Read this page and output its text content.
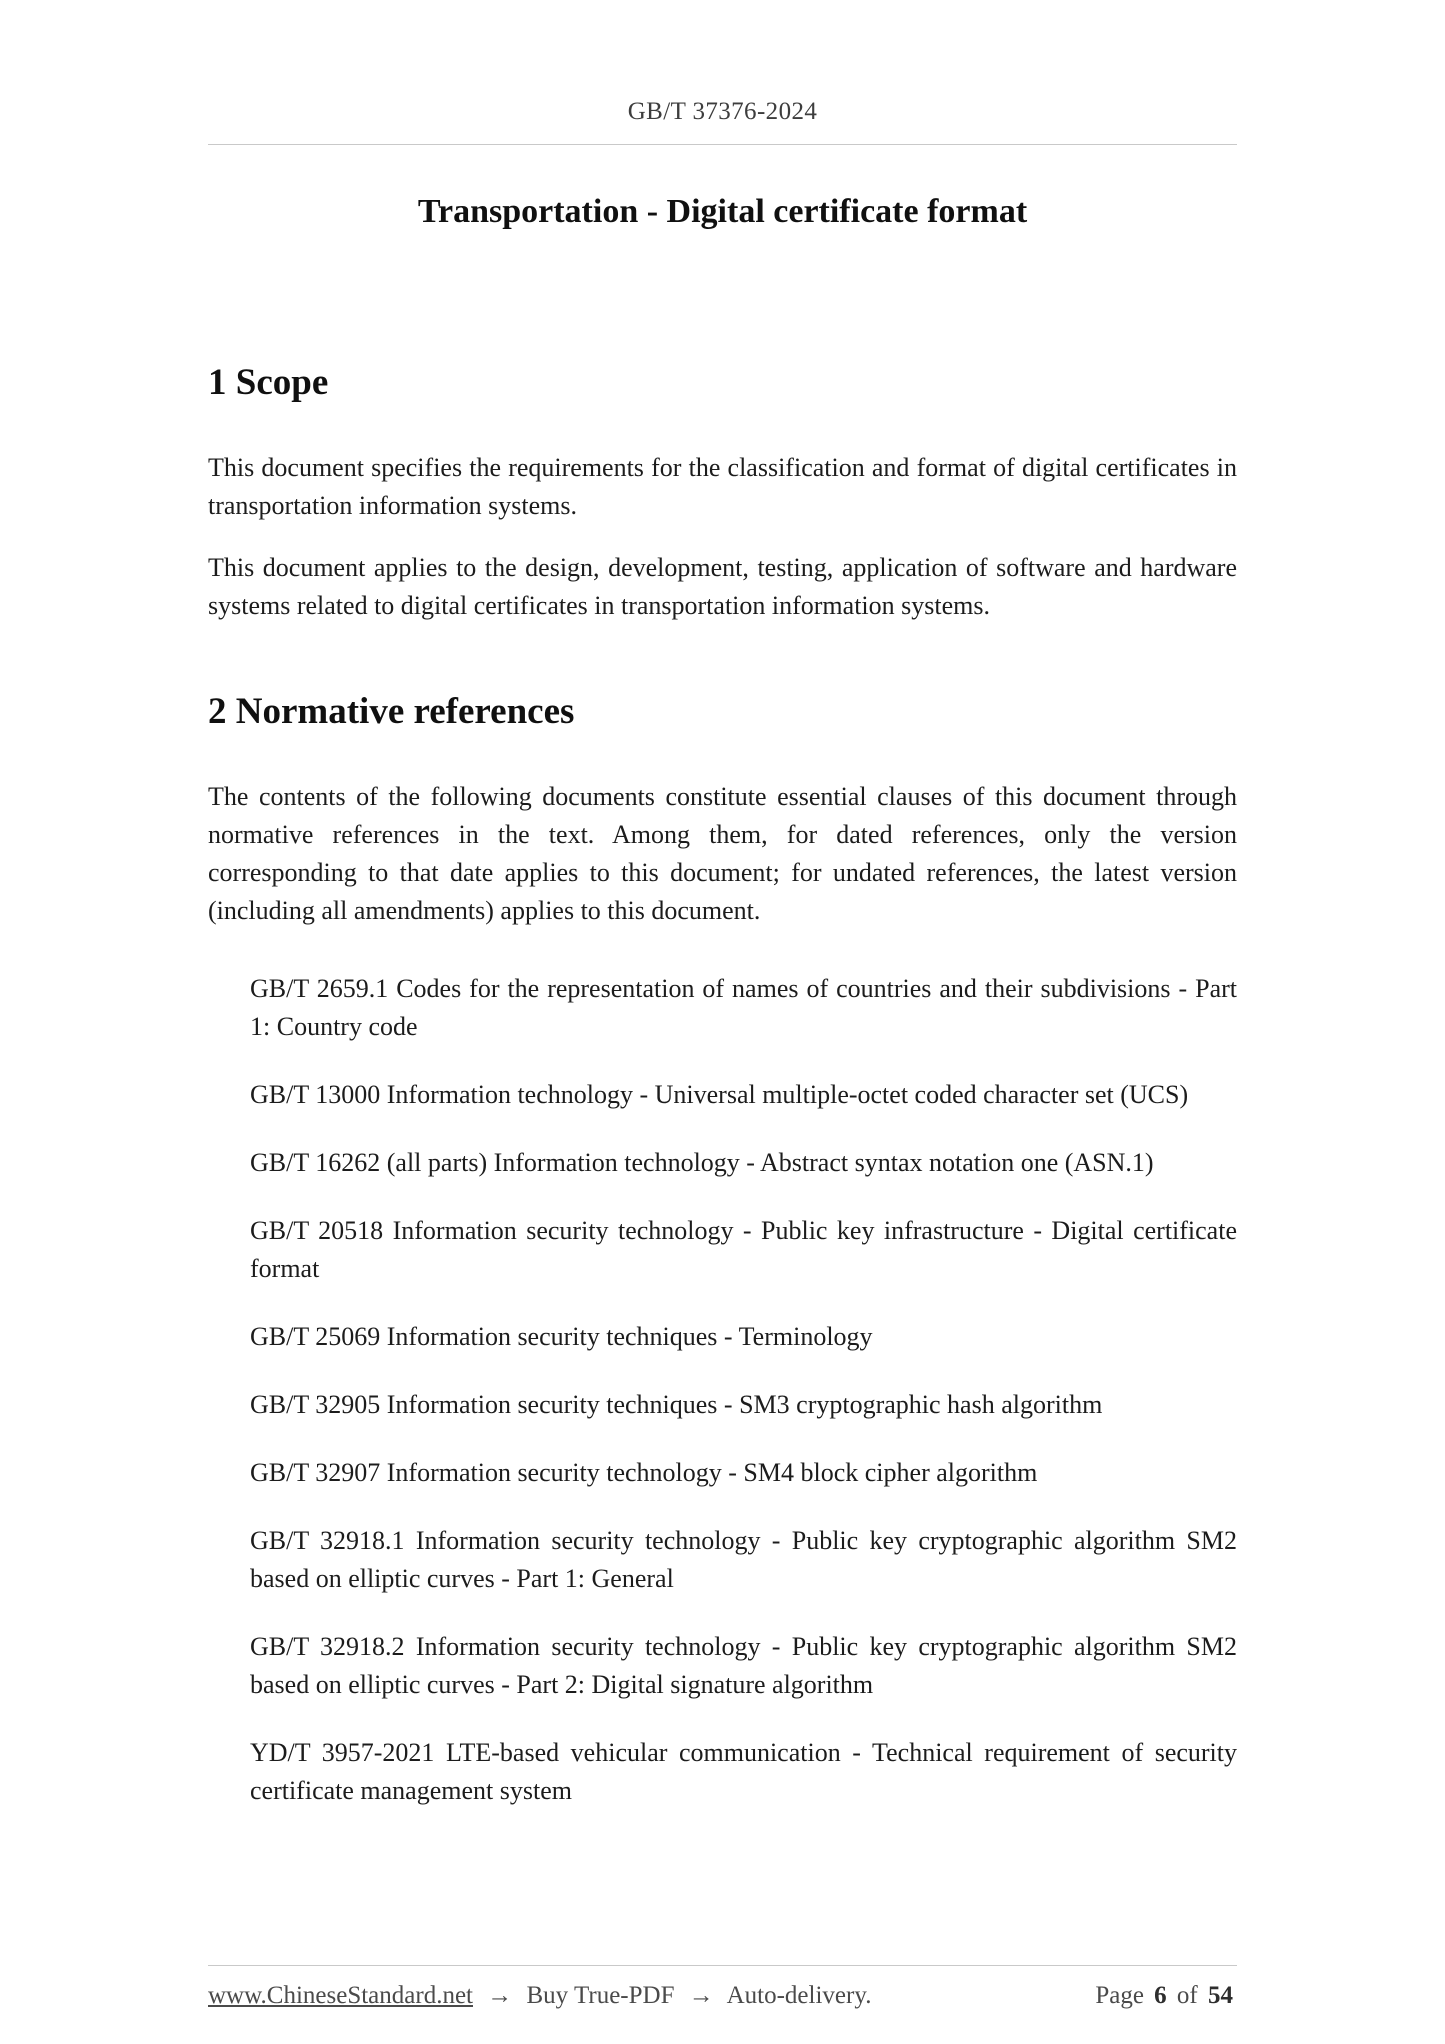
GB/T 37376-2024
Transportation - Digital certificate format
1 Scope

This document specifies the requirements for the classification and format of digital certificates in transportation information systems.

This document applies to the design, development, testing, application of software and hardware systems related to digital certificates in transportation information systems.

2 Normative references

The contents of the following documents constitute essential clauses of this document through normative references in the text. Among them, for dated references, only the version corresponding to that date applies to this document; for undated references, the latest version (including all amendments) applies to this document.

GB/T 2659.1 Codes for the representation of names of countries and their subdivisions - Part 1: Country code

GB/T 13000 Information technology - Universal multiple-octet coded character set (UCS)

GB/T 16262 (all parts) Information technology - Abstract syntax notation one (ASN.1)

GB/T 20518 Information security technology - Public key infrastructure - Digital certificate format

GB/T 25069 Information security techniques - Terminology

GB/T 32905 Information security techniques - SM3 cryptographic hash algorithm

GB/T 32907 Information security technology - SM4 block cipher algorithm

GB/T 32918.1 Information security technology - Public key cryptographic algorithm SM2 based on elliptic curves - Part 1: General

GB/T 32918.2 Information security technology - Public key cryptographic algorithm SM2 based on elliptic curves - Part 2: Digital signature algorithm

YD/T 3957-2021 LTE-based vehicular communication - Technical requirement of security certificate management system

www.ChineseStandard.net → Buy True-PDF → Auto-delivery.	Page 6 of 54
